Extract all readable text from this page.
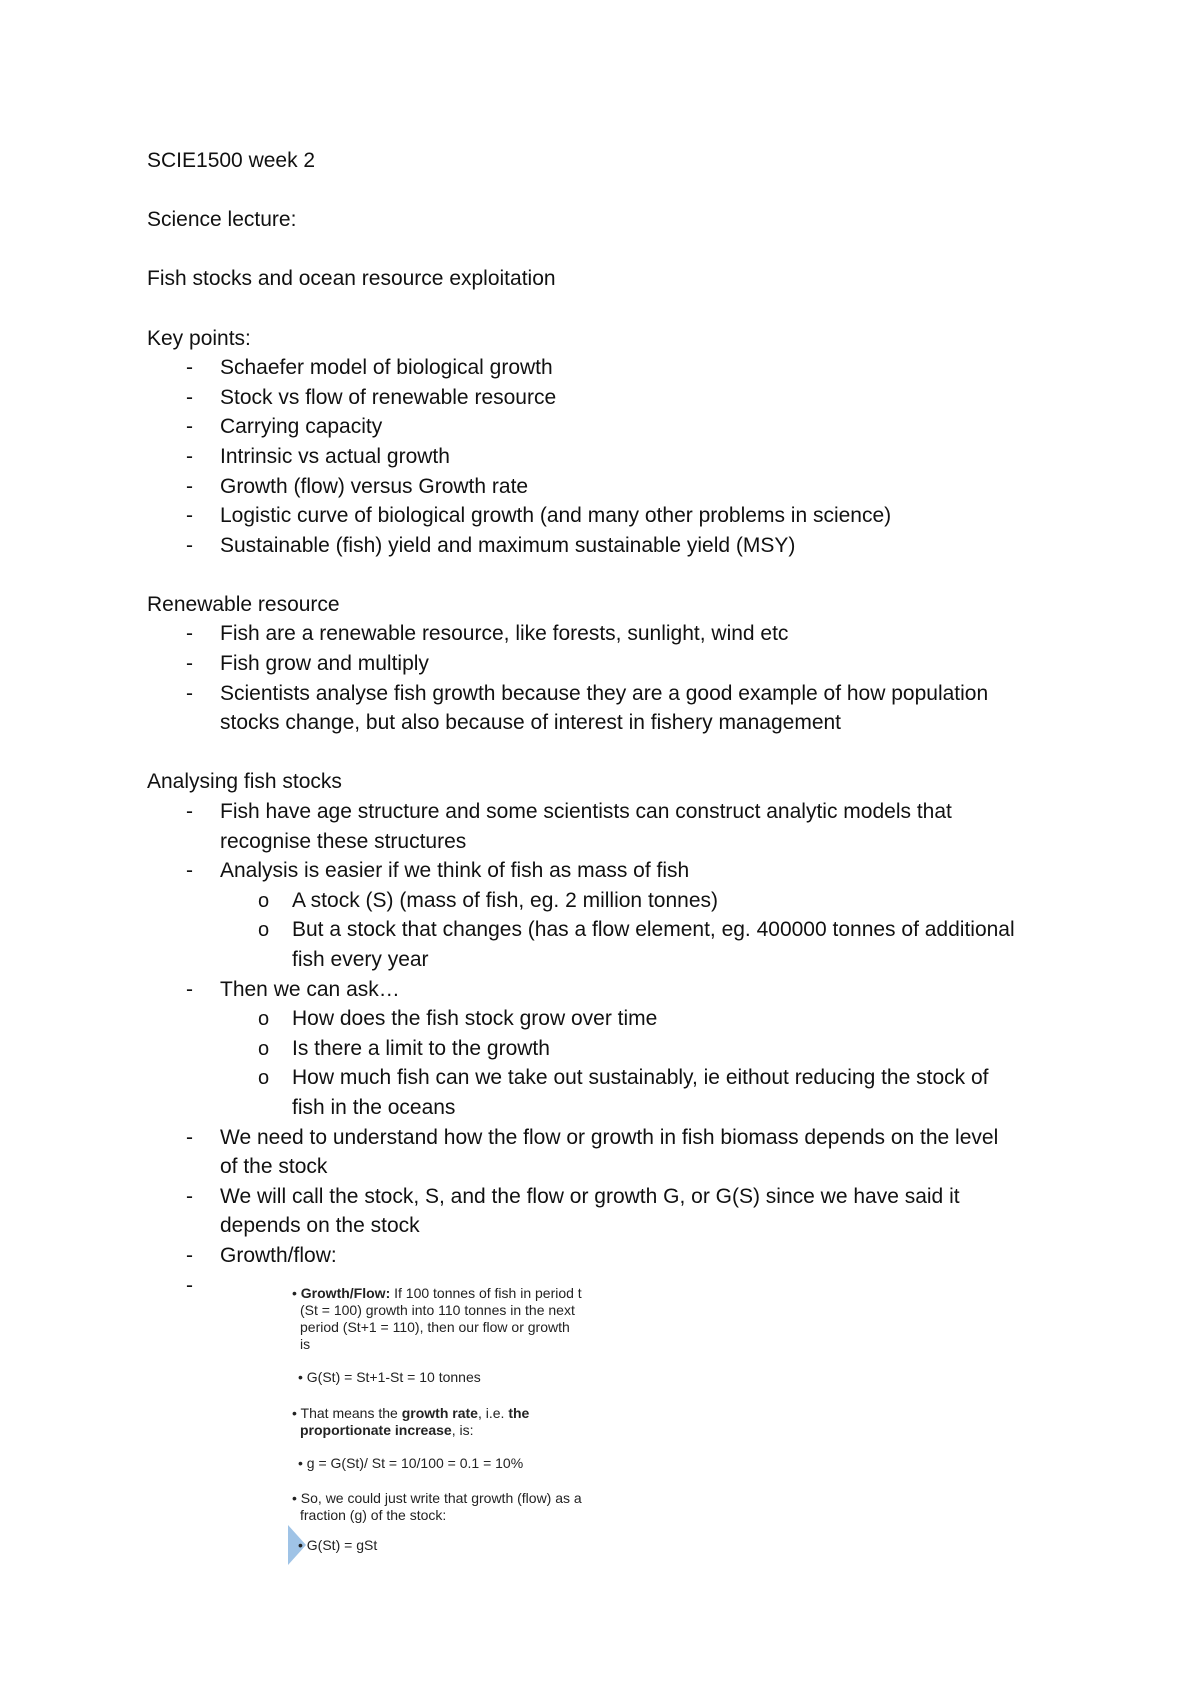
SCIE1500 week 2
Science lecture:
Fish stocks and ocean resource exploitation
Key points:
- Schaefer model of biological growth
- Stock vs flow of renewable resource
- Carrying capacity
- Intrinsic vs actual growth
- Growth (flow) versus Growth rate
- Logistic curve of biological growth (and many other problems in science)
- Sustainable (fish) yield and maximum sustainable yield (MSY)
Renewable resource
- Fish are a renewable resource, like forests, sunlight, wind etc
- Fish grow and multiply
- Scientists analyse fish growth because they are a good example of how population
stocks change, but also because of interest in fishery management
Analysing fish stocks
- Fish have age structure and some scientists can construct analytic models that
recognise these structures
- Analysis is easier if we think of fish as mass of fish
o A stock (S) (mass of fish, eg. 2 million tonnes)
o But a stock that changes (has a flow element, eg. 400000 tonnes of additional
fish every year
- Then we can ask…
o How does the fish stock grow over time
o Is there a limit to the growth
o How much fish can we take out sustainably, ie eithout reducing the stock of
fish in the oceans
- We need to understand how the flow or growth in fish biomass depends on the level
of the stock
- We will call the stock, S, and the flow or growth G, or G(S) since we have said it
depends on the stock
- Growth/flow:
-	• Growth/Flow: If 100 tonnes of fish in period t
(St = 100) growth into 110 tonnes in the next
period (St+1 = 110), then our flow or growth
is
• G(St) = St+1-St = 10 tonnes
• That means the growth rate, i.e. the
proportionate increase, is:
• g = G(St)/ St = 10/100 = 0.1 = 10%
• So, we could just write that growth (flow) as a
fraction (g) of the stock:
• G(St) = gSt
